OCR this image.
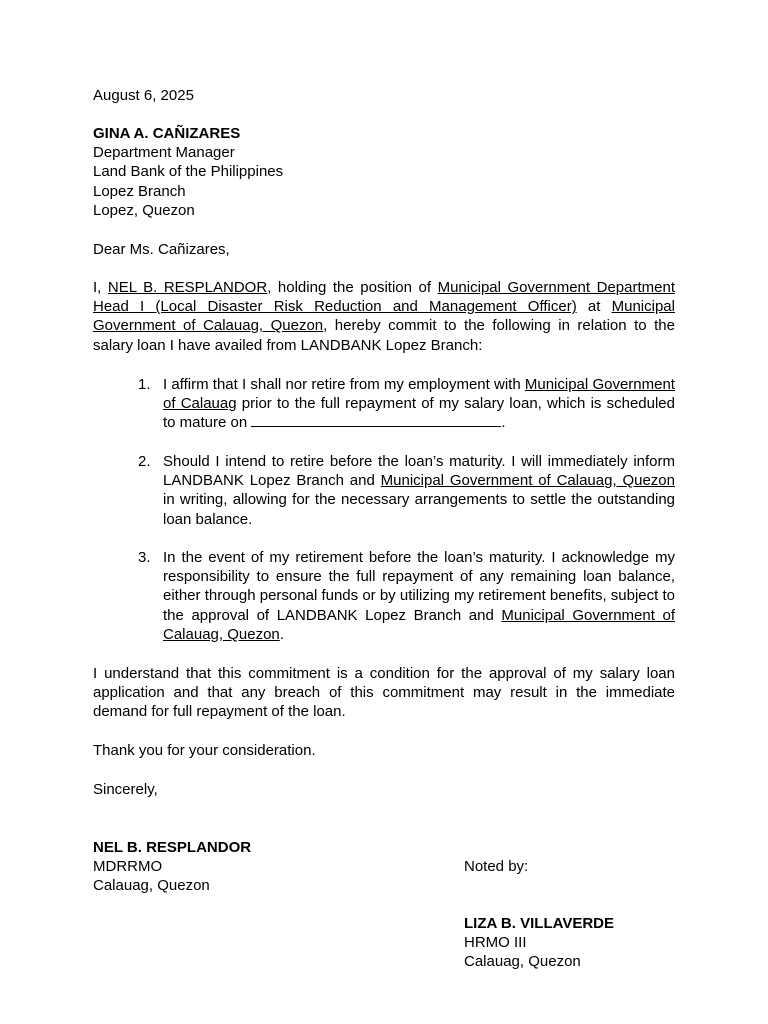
August 6, 2025
GINA A. CAÑIZARES
Department Manager
Land Bank of the Philippines
Lopez Branch
Lopez, Quezon
Dear Ms. Cañizares,
I, NEL B. RESPLANDOR, holding the position of Municipal Government Department Head I (Local Disaster Risk Reduction and Management Officer) at Municipal Government of Calauag, Quezon, hereby commit to the following in relation to the salary loan I have availed from LANDBANK Lopez Branch:
1. I affirm that I shall nor retire from my employment with Municipal Government of Calauag prior to the full repayment of my salary loan, which is scheduled to mature on	.
2. Should I intend to retire before the loan’s maturity. I will immediately inform LANDBANK Lopez Branch and Municipal Government of Calauag, Quezon in writing, allowing for the necessary arrangements to settle the outstanding loan balance.
3. In the event of my retirement before the loan’s maturity. I acknowledge my responsibility to ensure the full repayment of any remaining loan balance, either through personal funds or by utilizing my retirement benefits, subject to the approval of LANDBANK Lopez Branch and Municipal Government of Calauag, Quezon.
I understand that this commitment is a condition for the approval of my salary loan application and that any breach of this commitment may result in the immediate demand for full repayment of the loan.
Thank you for your consideration.
Sincerely,
NEL B. RESPLANDOR
MDRRMO
Calauag, Quezon
Noted by:
LIZA B. VILLAVERDE
HRMO III
Calauag, Quezon
